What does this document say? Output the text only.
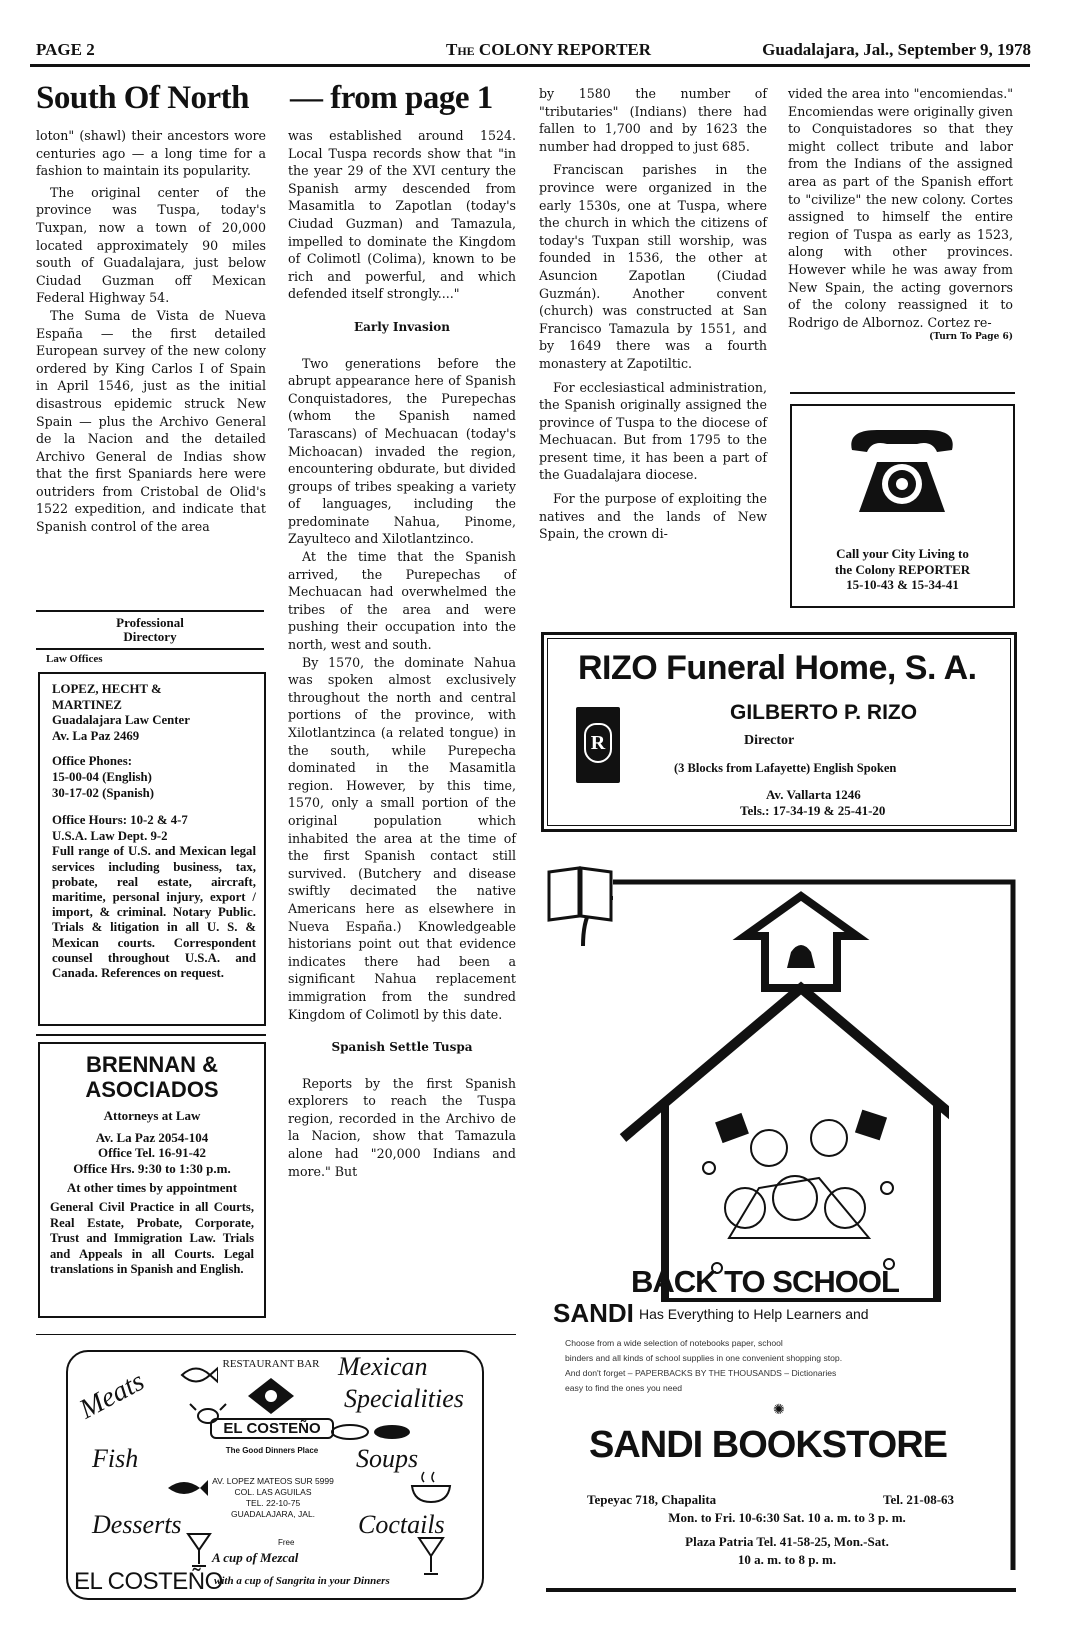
PAGE 2	The COLONY REPORTER	Guadalajara, Jal., September 9, 1978
South Of North — from page 1

loton" (shawl) their ancestors wore centuries ago — a long time for a fashion to maintain its popularity.

The original center of the province was Tuspa, today's Tuxpan, now a town of 20,000 located approximately 90 miles south of Guadalajara, just below Ciudad Guzman off Mexican Federal Highway 54.

The Suma de Vista de Nueva España — the first detailed European survey of the new colony ordered by King Carlos I of Spain in April 1546, just as the initial disastrous epidemic struck New Spain — plus the Archivo General de la Nacion and the detailed Archivo General de Indias show that the first Spaniards here were outriders from Cristobal de Olid's 1522 expedition, and indicate that Spanish control of the area

was established around 1524. Local Tuspa records show that "in the year 29 of the XVI century the Spanish army descended from Masamitla to Zapotlan (today's Ciudad Guzman) and Tamazula, impelled to dominate the Kingdom of Colimotl (Colima), known to be rich and powerful, and which defended itself strongly...."

Early Invasion

Two generations before the abrupt appearance here of Spanish Conquistadores, the Purepechas (whom the Spanish named Tarascans) of Mechuacan (today's Michoacan) invaded the region, encountering obdurate, but divided groups of tribes speaking a variety of languages, including the predominate Nahua, Pinome, Zayulteco and Xilotlantzinco.

At the time that the Spanish arrived, the Purepechas of Mechuacan had overwhelmed the tribes of the area and were pushing their occupation into the north, west and south.

By 1570, the dominate Nahua was spoken almost exclusively throughout the north and central portions of the province, with Xilotlantzinca (a related tongue) in the south, while Purepecha dominated in the Masamitla region. However, by this time, 1570, only a small portion of the original population which inhabited the area at the time of the first Spanish contact still survived. (Butchery and disease swiftly decimated the native Americans here as elsewhere in Nueva España.) Knowledgeable historians point out that evidence indicates there had been a significant Nahua replacement immigration from the sundred Kingdom of Colimotl by this date.

Spanish Settle Tuspa

Reports by the first Spanish explorers to reach the Tuspa region, recorded in the Archivo de la Nacion, show that Tamazula alone had "20,000 Indians and more." But

by 1580 the number of "tributaries" (Indians) there had fallen to 1,700 and by 1623 the number had dropped to just 685.

Franciscan parishes in the province were organized in the early 1530s, one at Tuspa, where the church in which the citizens of today's Tuxpan still worship, was founded in 1536, the other at Asuncion Zapotlan (Ciudad Guzmán). Another convent (church) was constructed at San Francisco Tamazula by 1551, and by 1649 there was a fourth monastery at Zapotiltic.

For ecclesiastical administration, the Spanish originally assigned the province of Tuspa to the diocese of Mechuacan. But from 1795 to the present time, it has been a part of the Guadalajara diocese.

For the purpose of exploiting the natives and the lands of New Spain, the crown di-

vided the area into "encomiendas." Encomiendas were originally given to Conquistadores so that they might collect tribute and labor from the Indians of the assigned area as part of the Spanish effort to "civilize" the new colony. Cortes assigned to himself the entire region of Tuspa as early as 1523, along with other provinces. However while he was away from New Spain, the acting governors of the colony reassigned it to Rodrigo de Albornoz. Cortez re-

(Turn To Page 6)
Call your City Living to
the Colony REPORTER
15-10-43 & 15-34-41
Professional
Directory
Law Offices
LOPEZ, HECHT &
MARTINEZ
Guadalajara Law Center
Av. La Paz 2469
Office Phones:
15-00-04 (English)
30-17-02 (Spanish)
Office Hours: 10-2 & 4-7
U.S.A. Law Dept. 9-2
Full range of U.S. and Mexican legal services including business, tax, probate, real estate, aircraft, maritime, personal injury, export / import, & criminal. Notary Public. Trials & litigation in all U. S. & Mexican courts. Correspondent counsel throughout U.S.A. and Canada. References on request.
BRENNAN &
ASOCIADOS
Attorneys at Law
Av. La Paz 2054-104
Office Tel. 16-91-42
Office Hrs. 9:30 to 1:30 p.m.
At other times by appointment
General Civil Practice in all Courts, Real Estate, Probate, Corporate, Trust and Immigration Law. Trials and Appeals in all Courts. Legal translations in Spanish and English.
Meats
Fish
Desserts
Mexican
Specialities
Soups
Coctails
RESTAURANT BAR
EL COSTEÑO
The Good Dinners Place
AV. LOPEZ MATEOS SUR 5999
COL. LAS AGUILAS
TEL. 22-10-75
GUADALAJARA, JAL.
Free
A cup of Mezcal
EL COSTEÑO
with a cup of Sangrita in your Dinners
RIZO Funeral Home, S. A.
R
GILBERTO P. RIZO
Director
(3 Blocks from Lafayette) English Spoken
Av. Vallarta 1246
Tels.: 17-34-19 & 25-41-20
BACK TO SCHOOL
SANDI Has Everything to Help Learners and
Choose from a wide selection of notebooks paper, school
binders and all kinds of school supplies in one convenient shopping stop.
And don't forget – PAPERBACKS BY THE THOUSANDS – Dictionaries
easy to find the ones you need
✺
SANDI BOOKSTORE
Tepeyac 718, Chapalita	Tel. 21-08-63
Mon. to Fri. 10-6:30 Sat. 10 a. m. to 3 p. m.
Plaza Patria Tel. 41-58-25, Mon.-Sat.
10 a. m. to 8 p. m.
